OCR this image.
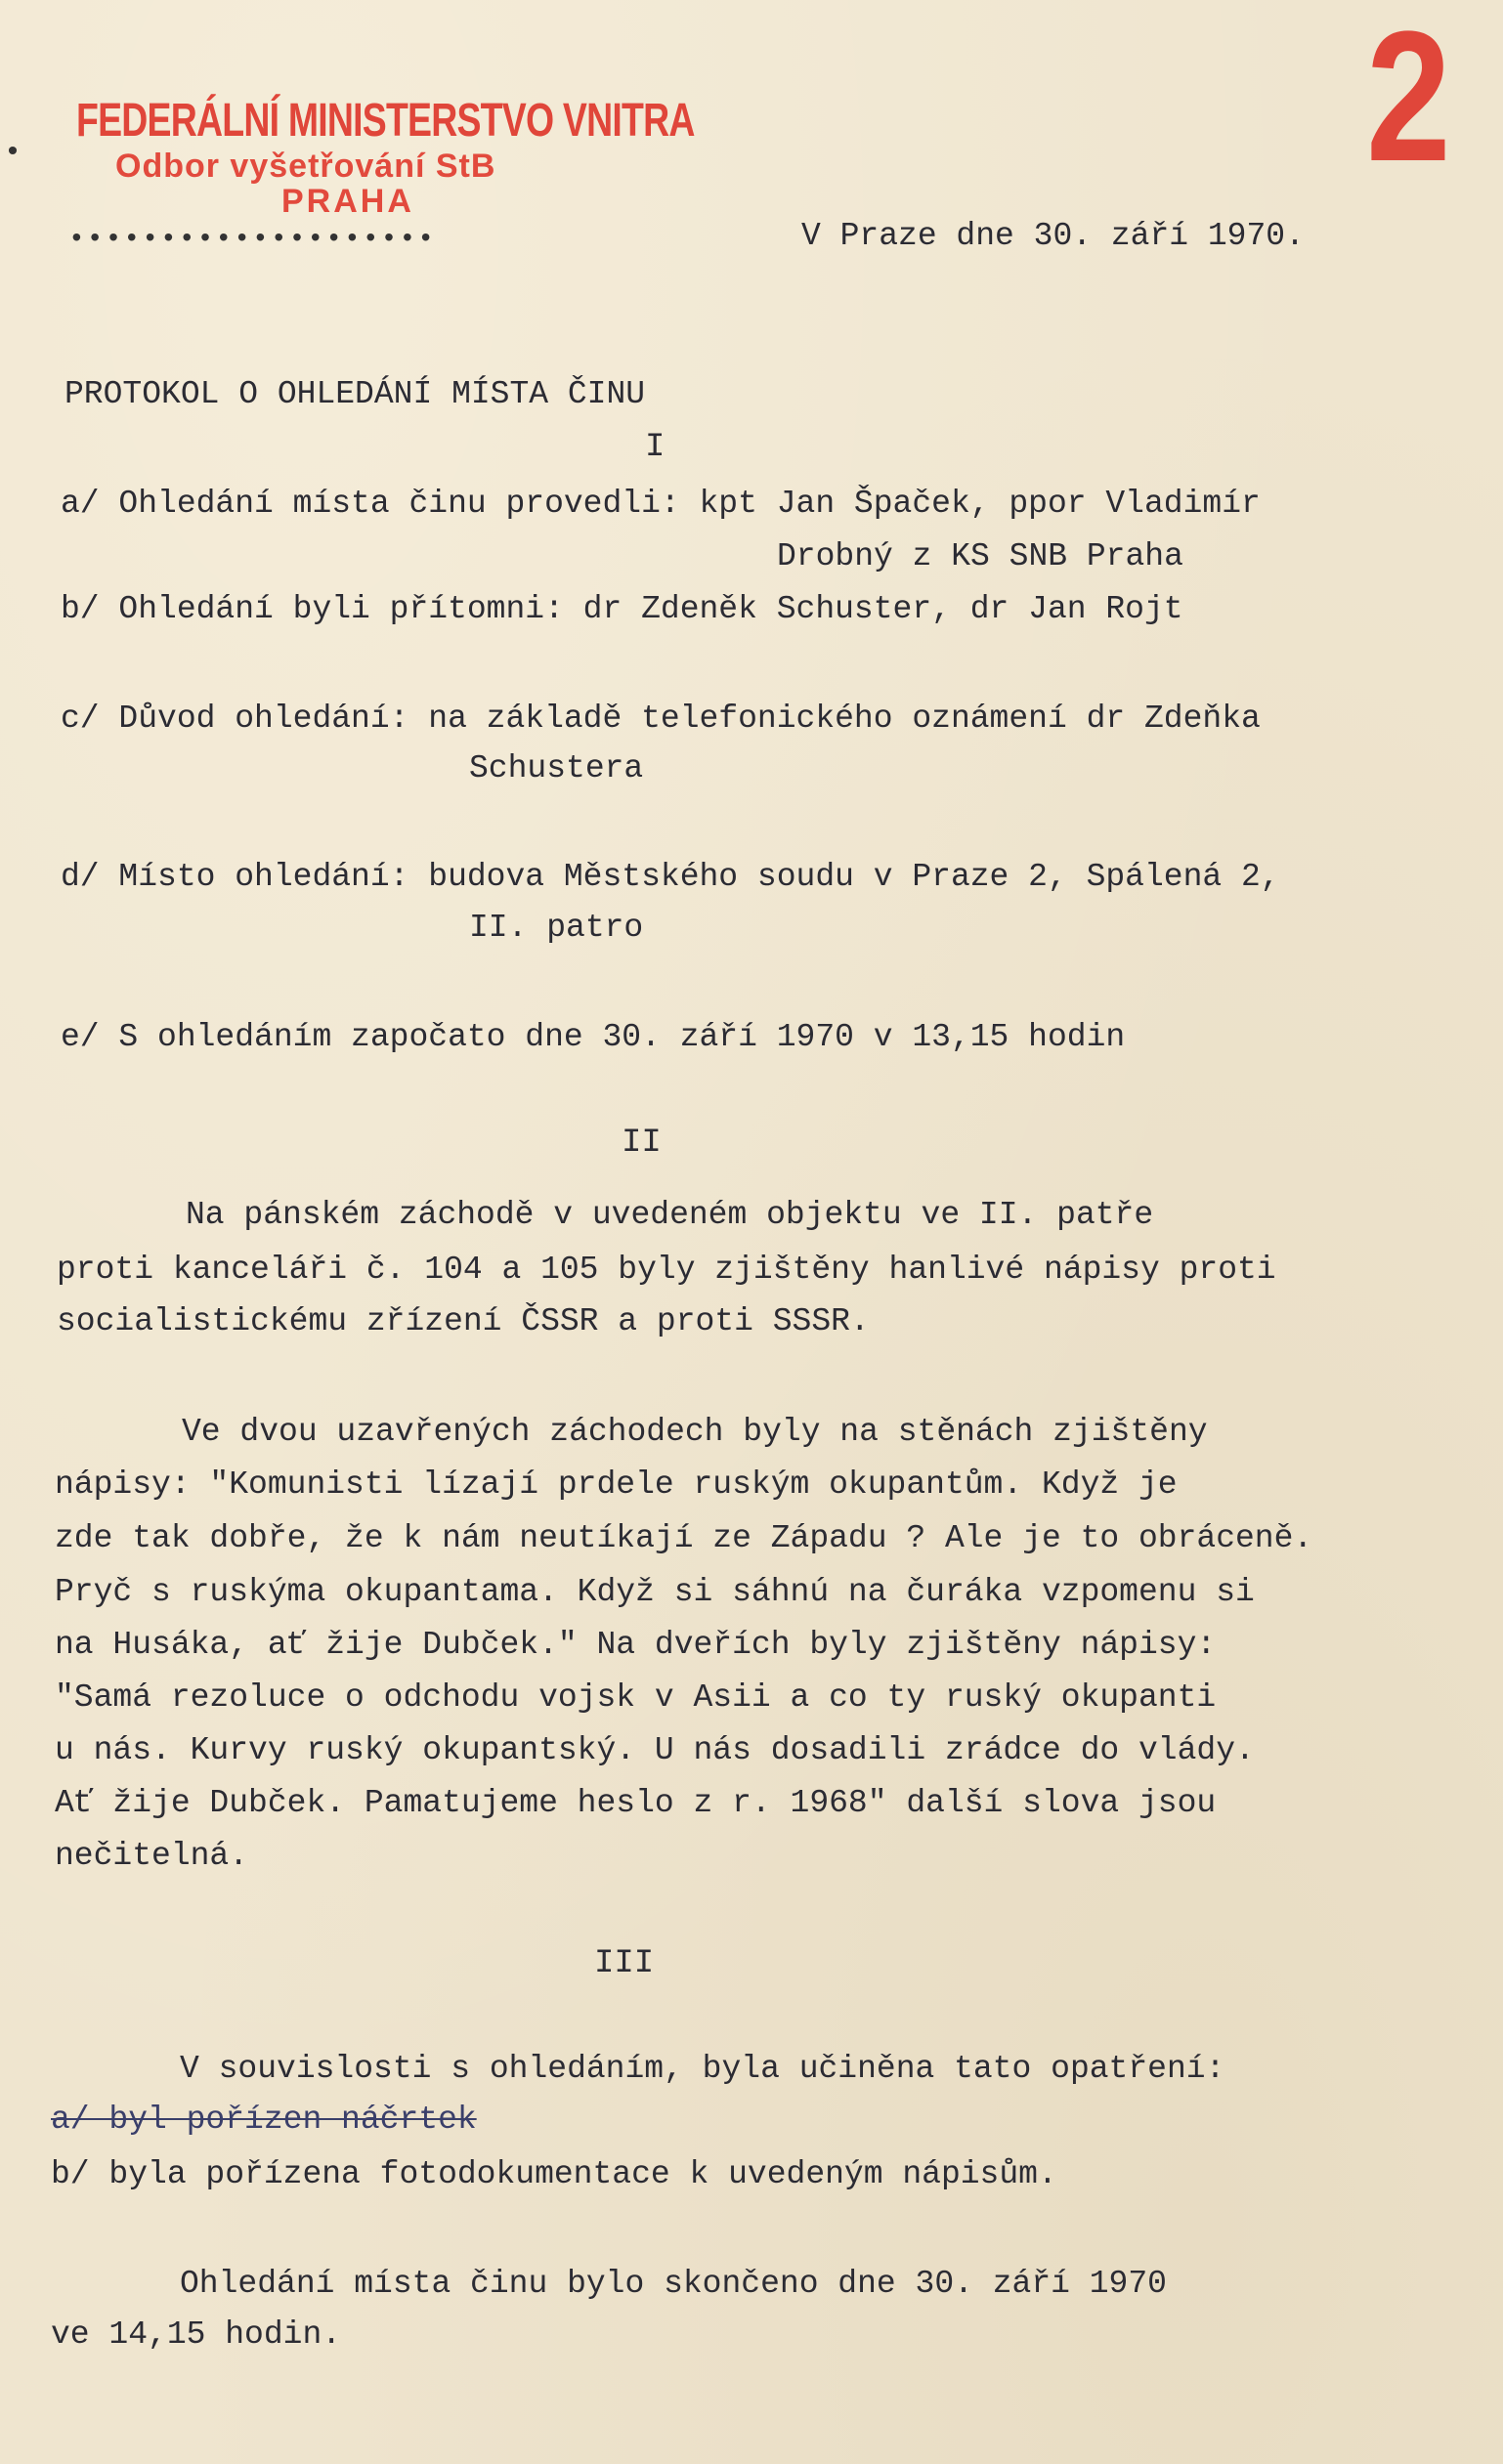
•
FEDERÁLNÍ MINISTERSTVO VNITRA
Odbor vyšetřování StB
PRAHA
••••••••••••••••••••
2
V Praze dne 30. září 1970.
PROTOKOL O OHLEDÁNÍ MÍSTA ČINU
I
a/ Ohledání místa činu provedli: kpt Jan Špaček, ppor Vladimír
Drobný z KS SNB Praha
b/ Ohledání byli přítomni: dr Zdeněk Schuster, dr Jan Rojt
c/ Důvod ohledání: na základě telefonického oznámení dr Zdeňka
Schustera
d/ Místo ohledání: budova Městského soudu v Praze 2, Spálená 2,
II. patro
e/ S ohledáním započato dne 30. září 1970 v 13,15 hodin
II
Na pánském záchodě v uvedeném objektu ve II. patře
proti kanceláři č. 104 a 105 byly zjištěny hanlivé nápisy proti
socialistickému zřízení ČSSR a proti SSSR.
Ve dvou uzavřených záchodech byly na stěnách zjištěny
nápisy: "Komunisti lízají prdele ruským okupantům. Když je
zde tak dobře, že k nám neutíkají ze Západu ? Ale je to obráceně.
Pryč s ruskýma okupantama. Když si sáhnú na čuráka vzpomenu si
na Husáka, ať žije Dubček." Na dveřích byly zjištěny nápisy:
"Samá rezoluce o odchodu vojsk v Asii a co ty ruský okupanti
u nás. Kurvy ruský okupantský. U nás dosadili zrádce do vlády.
Ať žije Dubček. Pamatujeme heslo z r. 1968" další slova jsou
nečitelná.
III
V souvislosti s ohledáním, byla učiněna tato opatření:
a/ byl pořízen náčrtek
b/ byla pořízena fotodokumentace k uvedeným nápisům.
Ohledání místa činu bylo skončeno dne 30. září 1970
ve 14,15 hodin.
